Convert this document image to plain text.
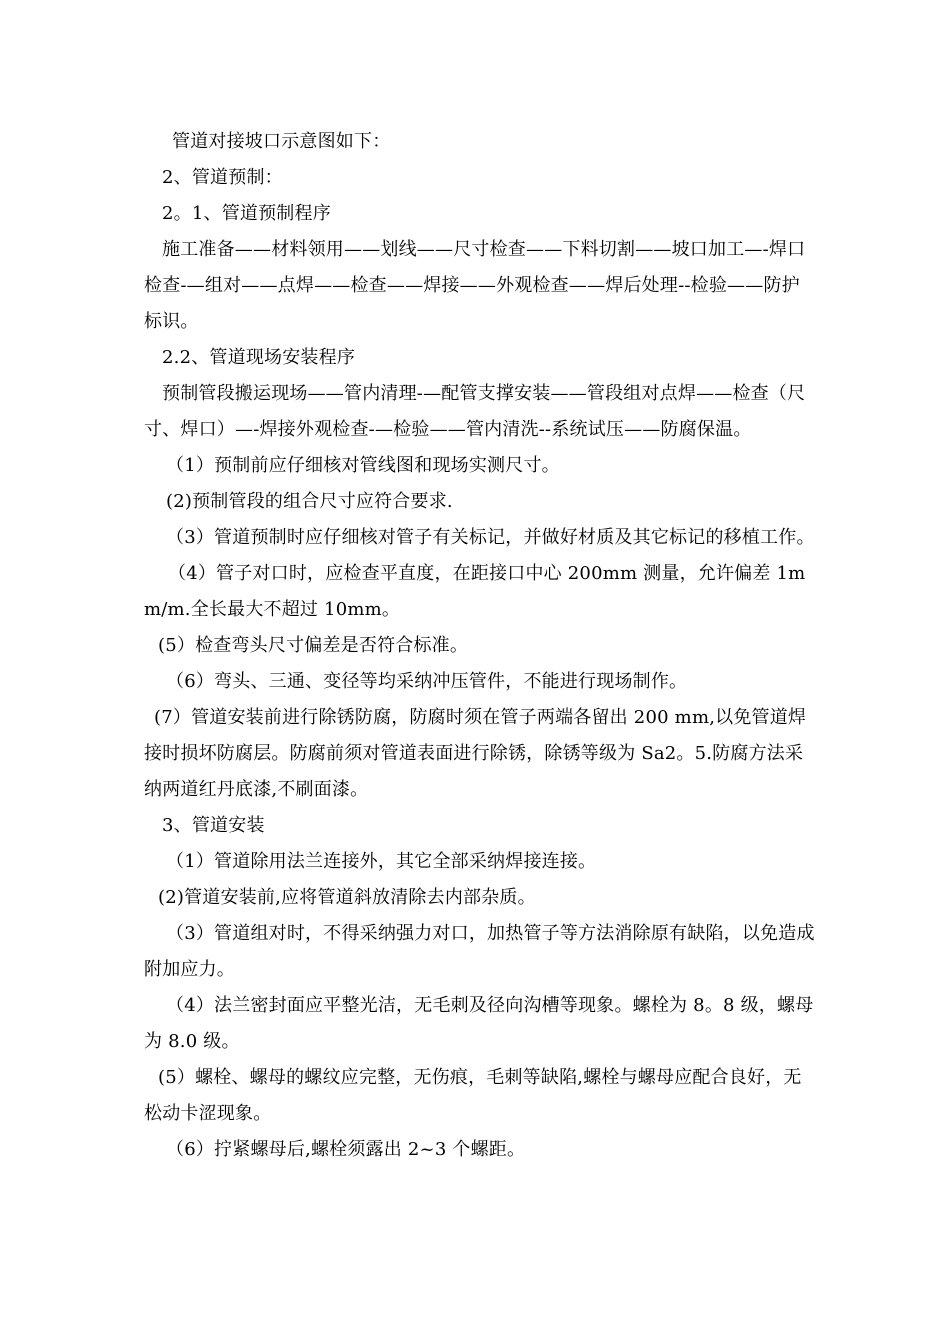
管道对接坡口示意图如下：

2、管道预制：

2。1、管道预制程序

施工准备——材料领用——划线——尺寸检查——下料切割——坡口加工—-焊口检查-—组对——点焊——检查——焊接——外观检查——焊后处理--检验——防护标识。

2.2、管道现场安装程序

预制管段搬运现场——管内清理-—配管支撑安装——管段组对点焊——检查（尺寸、焊口）—-焊接外观检查-—检验——管内清洗--系统试压——防腐保温。

（1）预制前应仔细核对管线图和现场实测尺寸。

(2)预制管段的组合尺寸应符合要求.

（3）管道预制时应仔细核对管子有关标记，并做好材质及其它标记的移植工作。

（4）管子对口时，应检查平直度，在距接口中心 200mm 测量，允许偏差 1mm/m.全长最大不超过 10mm。

(5）检查弯头尺寸偏差是否符合标准。

（6）弯头、三通、变径等均采纳冲压管件，不能进行现场制作。

(7）管道安装前进行除锈防腐，防腐时须在管子两端各留出 200 mm,以免管道焊接时损坏防腐层。防腐前须对管道表面进行除锈，除锈等级为 Sa2。5.防腐方法采纳两道红丹底漆,不刷面漆。

3、管道安装

（1）管道除用法兰连接外，其它全部采纳焊接连接。

(2)管道安装前,应将管道斜放清除去内部杂质。

（3）管道组对时，不得采纳强力对口，加热管子等方法消除原有缺陷，以免造成附加应力。

（4）法兰密封面应平整光洁，无毛刺及径向沟槽等现象。螺栓为 8。8 级，螺母为 8.0 级。

(5）螺栓、螺母的螺纹应完整，无伤痕，毛刺等缺陷,螺栓与螺母应配合良好，无松动卡涩现象。

（6）拧紧螺母后,螺栓须露出 2~3 个螺距。
